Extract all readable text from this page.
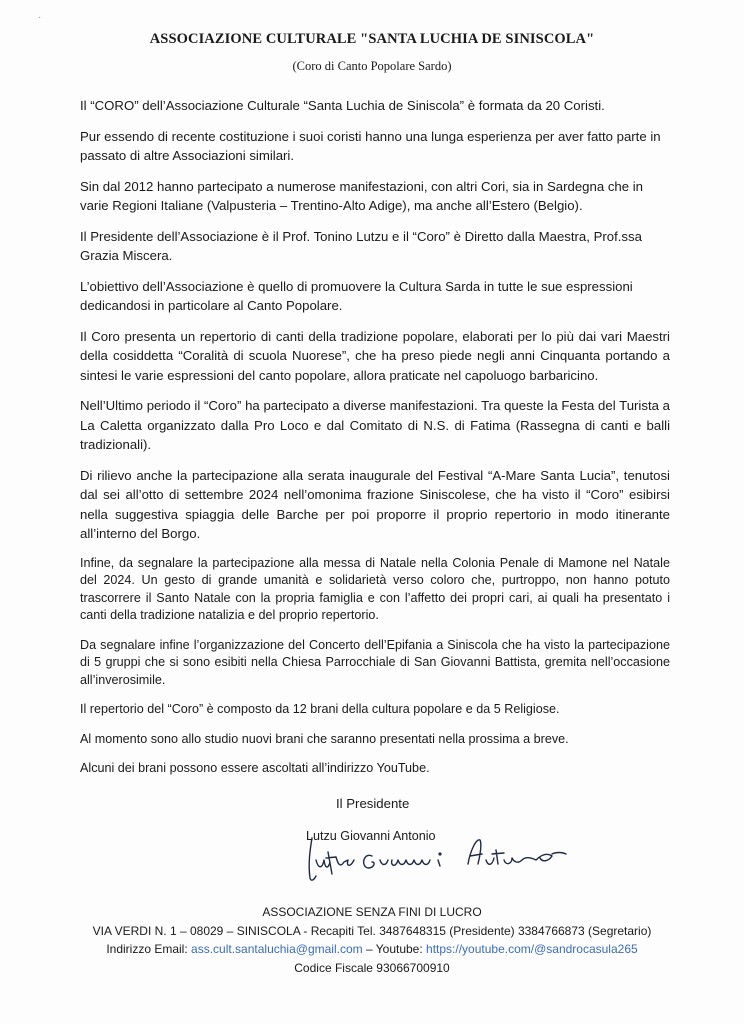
·
ASSOCIAZIONE CULTURALE "SANTA LUCHIA DE SINISCOLA"
(Coro di Canto Popolare Sardo)

Il “CORO” dell’Associazione Culturale “Santa Luchia de Siniscola” è formata da 20 Coristi.

Pur essendo di recente costituzione i suoi coristi hanno una lunga esperienza per aver fatto parte in passato di altre Associazioni similari.

Sin dal 2012 hanno partecipato a numerose manifestazioni, con altri Cori, sia in Sardegna che in varie Regioni Italiane (Valpusteria – Trentino-Alto Adige), ma anche all’Estero (Belgio).

Il Presidente dell’Associazione è il Prof. Tonino Lutzu e il “Coro” è Diretto dalla Maestra, Prof.ssa Grazia Miscera.

L’obiettivo dell’Associazione è quello di promuovere la Cultura Sarda in tutte le sue espressioni dedicandosi in particolare al Canto Popolare.

Il Coro presenta un repertorio di canti della tradizione popolare, elaborati per lo più dai vari Maestri della cosiddetta “Coralità di scuola Nuorese”, che ha preso piede negli anni Cinquanta portando a sintesi le varie espressioni del canto popolare, allora praticate nel capoluogo barbaricino.

Nell’Ultimo periodo il “Coro” ha partecipato a diverse manifestazioni. Tra queste la Festa del Turista a La Caletta organizzato dalla Pro Loco e dal Comitato di N.S. di Fatima (Rassegna di canti e balli tradizionali).

Di rilievo anche la partecipazione alla serata inaugurale del Festival “A-Mare Santa Lucia”, tenutosi dal sei all’otto di settembre 2024 nell’omonima frazione Siniscolese, che ha visto il “Coro” esibirsi nella suggestiva spiaggia delle Barche per poi proporre il proprio repertorio in modo itinerante all’interno del Borgo.

Infine, da segnalare la partecipazione alla messa di Natale nella Colonia Penale di Mamone nel Natale del 2024. Un gesto di grande umanità e solidarietà verso coloro che, purtroppo, non hanno potuto trascorrere il Santo Natale con la propria famiglia e con l’affetto dei propri cari, ai quali ha presentato i canti della tradizione natalizia e del proprio repertorio.

Da segnalare infine l’organizzazione del Concerto dell’Epifania a Siniscola che ha visto la partecipazione di 5 gruppi che si sono esibiti nella Chiesa Parrocchiale di San Giovanni Battista, gremita nell’occasione all’inverosimile.

Il repertorio del “Coro” è composto da 12 brani della cultura popolare e da 5 Religiose.

Al momento sono allo studio nuovi brani che saranno presentati nella prossima a breve.

Alcuni dei brani possono essere ascoltati all’indirizzo YouTube.

Il Presidente
Lutzu Giovanni Antonio
ASSOCIAZIONE SENZA FINI DI LUCRO
VIA VERDI N. 1 – 08029 – SINISCOLA - Recapiti Tel. 3487648315 (Presidente) 3384766873 (Segretario)
Indirizzo Email: ass.cult.santaluchia@gmail.com – Youtube: https://youtube.com/@sandrocasula265
Codice Fiscale 93066700910
